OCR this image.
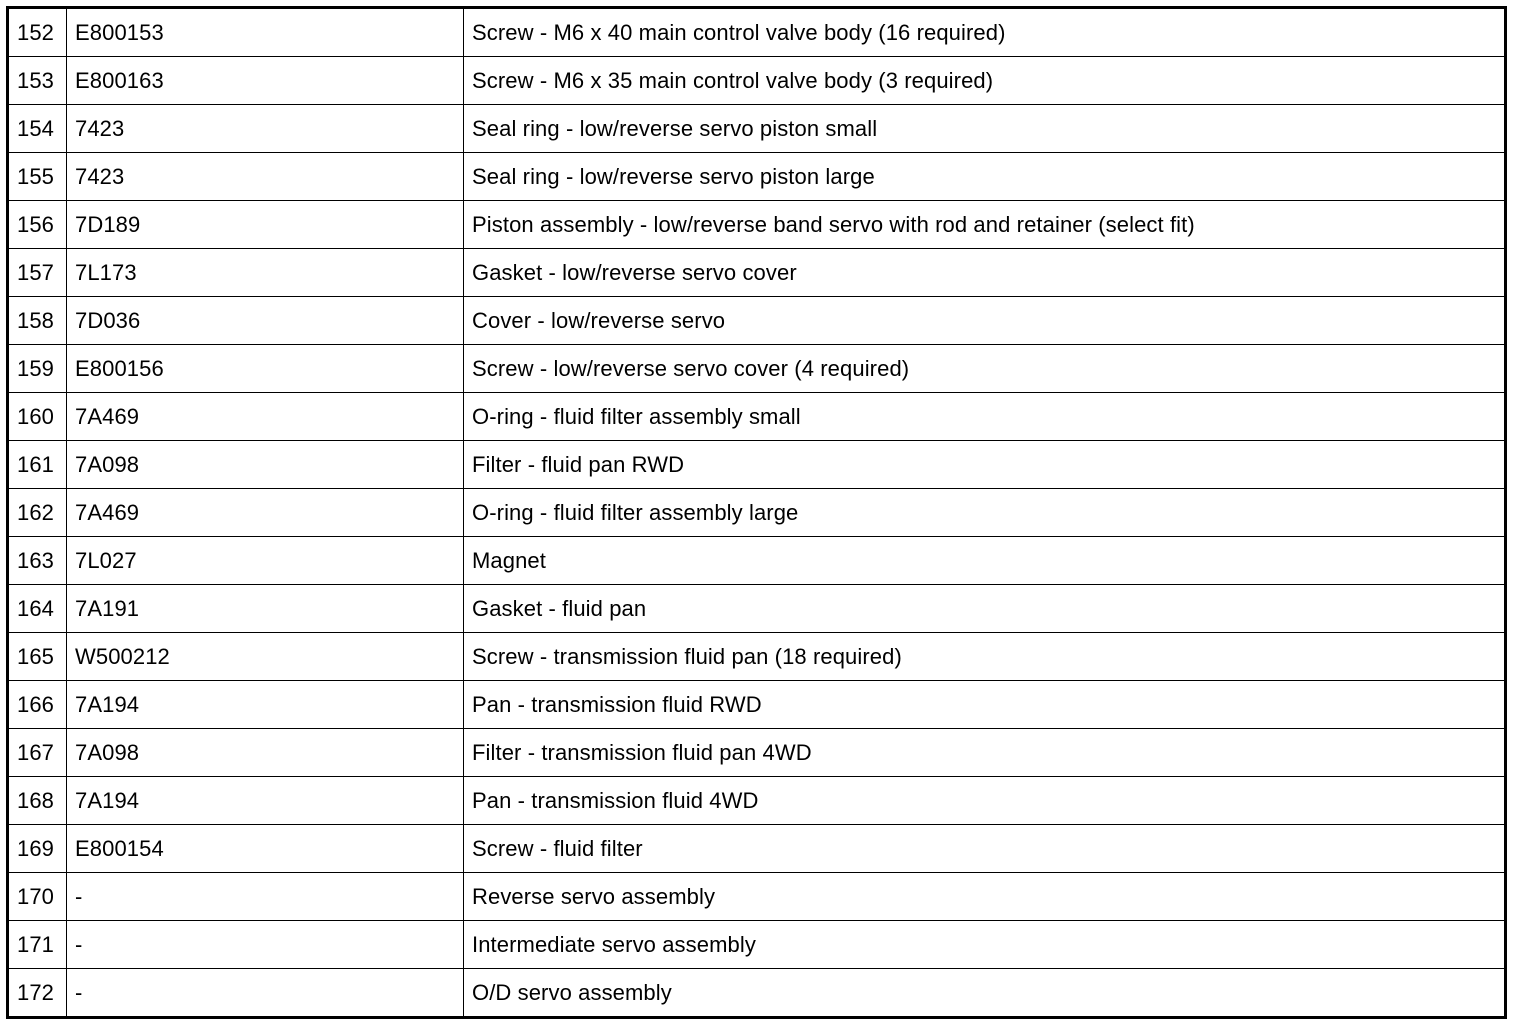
152	E800153	Screw - M6 x 40 main control valve body (16 required)
153	E800163	Screw - M6 x 35 main control valve body (3 required)
154	7423	Seal ring - low/reverse servo piston small
155	7423	Seal ring - low/reverse servo piston large
156	7D189	Piston assembly - low/reverse band servo with rod and retainer (select fit)
157	7L173	Gasket - low/reverse servo cover
158	7D036	Cover - low/reverse servo
159	E800156	Screw - low/reverse servo cover (4 required)
160	7A469	O-ring - fluid filter assembly small
161	7A098	Filter - fluid pan RWD
162	7A469	O-ring - fluid filter assembly large
163	7L027	Magnet
164	7A191	Gasket - fluid pan
165	W500212	Screw - transmission fluid pan (18 required)
166	7A194	Pan - transmission fluid RWD
167	7A098	Filter - transmission fluid pan 4WD
168	7A194	Pan - transmission fluid 4WD
169	E800154	Screw - fluid filter
170	-	Reverse servo assembly
171	-	Intermediate servo assembly
172	-	O/D servo assembly
